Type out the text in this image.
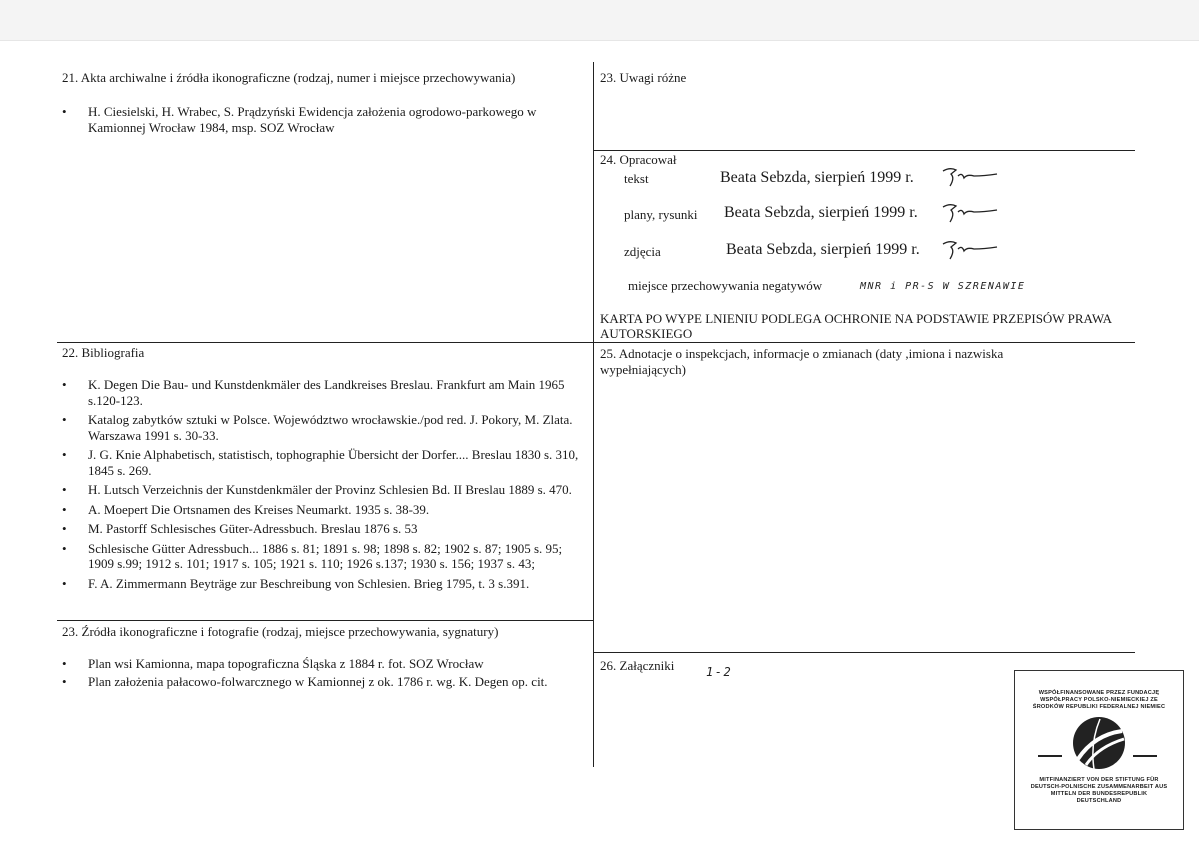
21. Akta archiwalne i źródła ikonograficzne (rodzaj, numer i miejsce przechowywania)
• H. Ciesielski, H. Wrabec, S. Prądzyński Ewidencja założenia ogrodowo-parkowego w Kamionnej Wrocław 1984, msp. SOZ Wrocław
23. Uwagi różne
24. Opracował
tekst	Beata Sebzda, sierpień 1999 r.
plany, rysunki Beata Sebzda, sierpień 1999 r.
zdjęcia	Beata Sebzda, sierpień 1999 r.
miejsce przechowywania negatywów	MNR i PR-S W SZRENAWIE
KARTA PO WYPE LNIENIU PODLEGA OCHRONIE NA PODSTAWIE PRZEPISÓW PRAWA AUTORSKIEGO
22. Bibliografia
• K. Degen Die Bau- und Kunstdenkmäler des Landkreises Breslau. Frankfurt am Main 1965 s.120-123.
• Katalog zabytków sztuki w Polsce. Województwo wrocławskie./pod red. J. Pokory, M. Zlata. Warszawa 1991 s. 30-33.
• J. G. Knie Alphabetisch, statistisch, tophographie Übersicht der Dorfer.... Breslau 1830 s. 310, 1845 s. 269.
• H. Lutsch Verzeichnis der Kunstdenkmäler der Provinz Schlesien Bd. II Breslau 1889 s. 470.
• A. Moepert Die Ortsnamen des Kreises Neumarkt. 1935 s. 38-39.
• M. Pastorff Schlesisches Güter-Adressbuch. Breslau 1876 s. 53
• Schlesische Gütter Adressbuch... 1886 s. 81; 1891 s. 98; 1898 s. 82; 1902 s. 87; 1905 s. 95; 1909 s.99; 1912 s. 101; 1917 s. 105; 1921 s. 110; 1926 s.137; 1930 s. 156; 1937 s. 43;
• F. A. Zimmermann Beyträge zur Beschreibung von Schlesien. Brieg 1795, t. 3 s.391.
25. Adnotacje o inspekcjach, informacje o zmianach (daty ,imiona i nazwiska wypełniających)
23. Źródła ikonograficzne i fotografie (rodzaj, miejsce przechowywania, sygnatury)
• Plan wsi Kamionna, mapa topograficzna Śląska z 1884 r. fot. SOZ Wrocław
• Plan założenia pałacowo-folwarcznego w Kamionnej z ok. 1786 r. wg. K. Degen op. cit.
26. Załączniki	1-2
WSPÓŁFINANSOWANE PRZEZ FUNDACJĘ WSPÓŁPRACY POLSKO-NIEMIECKIEJ ZE ŚRODKÓW REPUBLIKI FEDERALNEJ NIEMIEC
MITFINANZIERT VON DER STIFTUNG FÜR DEUTSCH-POLNISCHE ZUSAMMENARBEIT AUS MITTELN DER BUNDESREPUBLIK DEUTSCHLAND
